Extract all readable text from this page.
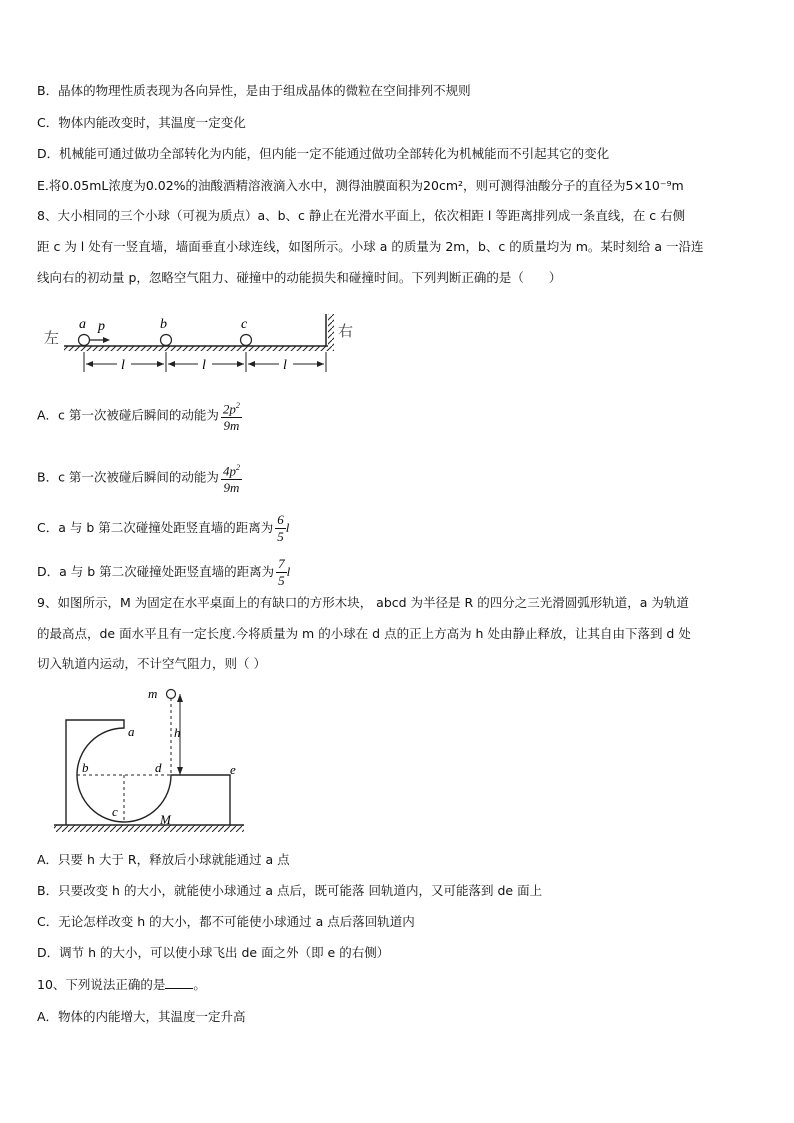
B．晶体的物理性质表现为各向异性，是由于组成晶体的微粒在空间排列不规则
C．物体内能改变时，其温度一定变化
D．机械能可通过做功全部转化为内能，但内能一定不能通过做功全部转化为机械能而不引起其它的变化
E.将0.05mL浓度为0.02%的油酸酒精溶液滴入水中，测得油膜面积为20cm²，则可测得油酸分子的直径为5×10⁻⁹m
8、大小相同的三个小球（可视为质点）a、b、c 静止在光滑水平面上，依次相距 l 等距离排列成一条直线，在 c 右侧
距 c 为 l 处有一竖直墙，墙面垂直小球连线，如图所示。小球 a 的质量为 2m，b、c 的质量均为 m。某时刻给 a 一沿连
线向右的初动量 p，忽略空气阻力、碰撞中的动能损失和碰撞时间。下列判断正确的是（　　）
左	右
a	b	c
p
l	l	l
A．c 第一次被碰后瞬间的动能为 $\frac{2p^2}{9m}$
B．c 第一次被碰后瞬间的动能为 $\frac{4p^2}{9m}$
C．a 与 b 第二次碰撞处距竖直墙的距离为 $\frac{6}{5}$ l
D．a 与 b 第二次碰撞处距竖直墙的距离为 $\frac{7}{5}$ l
9、如图所示，M 为固定在水平桌面上的有缺口的方形木块， abcd 为半径是 R 的四分之三光滑圆弧形轨道，a 为轨道
的最高点，de 面水平且有一定长度.今将质量为 m 的小球在 d 点的正上方高为 h 处由静止释放，让其自由下落到 d 处
切入轨道内运动，不计空气阻力，则（ ）
m
h
a
b
c
d	e
M
A．只要 h 大于 R，释放后小球就能通过 a 点
B．只要改变 h 的大小，就能使小球通过 a 点后，既可能落 回轨道内，又可能落到 de 面上
C．无论怎样改变 h 的大小，都不可能使小球通过 a 点后落回轨道内
D．调节 h 的大小，可以使小球飞出 de 面之外（即 e 的右侧）
10、下列说法正确的是 。
A．物体的内能增大，其温度一定升高
